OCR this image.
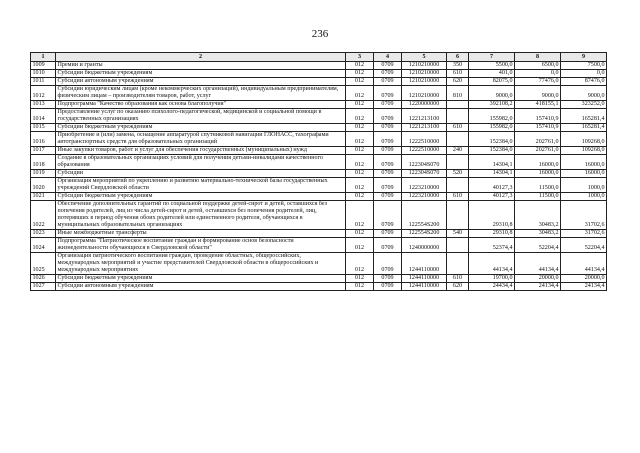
236
1	2	3	4	5	6	7	8	9
1009	Премии и гранты	012	0709	1210210000	350	5500,0	6500,0	7500,0
1010	Субсидии бюджетным учреждениям	012	0709	1210210000	610	401,0	0,0	0,0
1011	Субсидии автономным учреждениям	012	0709	1210210000	620	82075,0	77476,0	87476,0
1012	Субсидии юридическим лицам (кроме некоммерческих организаций), индивидуальным предпринимателям, физическим лицам – производителям товаров, работ, услуг	012	0709	1210210000	810	9000,0	9000,0	9000,0
1013	Подпрограмма "Качество образования как основа благополучия"	012	0709	1220000000		392108,2	418155,1	323252,0
1014	Предоставление услуг по оказанию психолого-педагогической, медицинской и социальной помощи в государственных организациях	012	0709	1221213100		155982,0	157410,9	165281,4
1015	Субсидии бюджетным учреждениям	012	0709	1221213100	610	155982,0	157410,9	165281,4
1016	Приобретение и (или) замена, оснащение аппаратурой спутниковой навигации ГЛОНАСС, тахографами автотранспортных средств для образовательных организаций	012	0709	1222510000		152384,0	202761,0	109268,0
1017	Иные закупки товаров, работ и услуг для обеспечения государственных (муниципальных) нужд	012	0709	1222510000	240	152384,0	202761,0	109268,0
1018	Создание в образовательных организациях условий для получения детьми-инвалидами качественного образования	012	0709	122304S070		14304,1	16000,0	16000,0
1019	Субсидии	012	0709	122304S070	520	14304,1	16000,0	16000,0
1020	Организация мероприятий по укреплению и развитию материально-технической базы государственных учреждений Свердловской области	012	0709	1223210000		40127,3	11500,0	1000,0
1021	Субсидии бюджетным учреждениям	012	0709	1223210000	610	40127,3	11500,0	1000,0
1022	Обеспечение дополнительных гарантий по социальной поддержке детей-сирот и детей, оставшихся без попечения родителей, лиц из числа детей-сирот и детей, оставшихся без попечения родителей, лиц, потерявших в период обучения обоих родителей или единственного родителя, обучающихся в муниципальных образовательных организациях	012	0709	122554S200		29310,8	30483,2	31702,6
1023	Иные межбюджетные трансферты	012	0709	122554S200	540	29310,8	30483,2	31702,6
1024	Подпрограмма "Патриотическое воспитание граждан и формирование основ безопасности жизнедеятельности обучающихся в Свердловской области"	012	0709	1240000000		52374,4	52204,4	52204,4
1025	Организация патриотического воспитания граждан, проведение областных, общероссийских, международных мероприятий и участие представителей Свердловской области в общероссийских и международных мероприятиях	012	0709	1244110000		44134,4	44134,4	44134,4
1026	Субсидии бюджетным учреждениям	012	0709	1244110000	610	19700,0	20000,0	20000,0
1027	Субсидии автономным учреждениям	012	0709	1244110000	620	24434,4	24134,4	24134,4
